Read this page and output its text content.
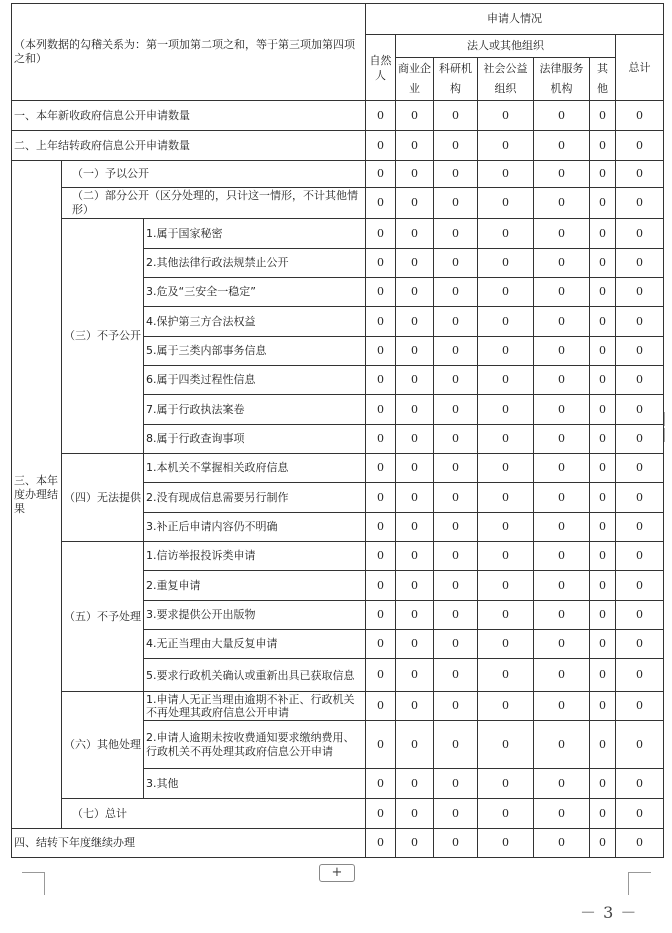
（本列数据的勾稽关系为：第一项加第二项之和，等于第三项加第四项之和）			申请人情况						
			自然人	法人或其他组织					总计
				商业企业	科研机构	社会公益组织	法律服务机构	其他	
一、本年新收政府信息公开申请数量			0	0	0	0	0	0	0
二、上年结转政府信息公开申请数量			0	0	0	0	0	0	0
三、本年度办理结果	（一）予以公开		0	0	0	0	0	0	0
	（二）部分公开（区分处理的，只计这一情形，不计其他情形）		0	0	0	0	0	0	0
	（三）不予公开	1.属于国家秘密	0	0	0	0	0	0	0
		2.其他法律行政法规禁止公开	0	0	0	0	0	0	0
		3.危及“三安全一稳定”	0	0	0	0	0	0	0
		4.保护第三方合法权益	0	0	0	0	0	0	0
		5.属于三类内部事务信息	0	0	0	0	0	0	0
		6.属于四类过程性信息	0	0	0	0	0	0	0
		7.属于行政执法案卷	0	0	0	0	0	0	0
		8.属于行政查询事项	0	0	0	0	0	0	0
	（四）无法提供	1.本机关不掌握相关政府信息	0	0	0	0	0	0	0
		2.没有现成信息需要另行制作	0	0	0	0	0	0	0
		3.补正后申请内容仍不明确	0	0	0	0	0	0	0
	（五）不予处理	1.信访举报投诉类申请	0	0	0	0	0	0	0
		2.重复申请	0	0	0	0	0	0	0
		3.要求提供公开出版物	0	0	0	0	0	0	0
		4.无正当理由大量反复申请	0	0	0	0	0	0	0
		5.要求行政机关确认或重新出具已获取信息	0	0	0	0	0	0	0
	（六）其他处理	1.申请人无正当理由逾期不补正、行政机关不再处理其政府信息公开申请	0	0	0	0	0	0	0
		2.申请人逾期未按收费通知要求缴纳费用、行政机关不再处理其政府信息公开申请	0	0	0	0	0	0	0
		3.其他	0	0	0	0	0	0	0
	（七）总计		0	0	0	0	0	0	0
四、结转下年度继续办理			0	0	0	0	0	0	0
+
－ 3 －
